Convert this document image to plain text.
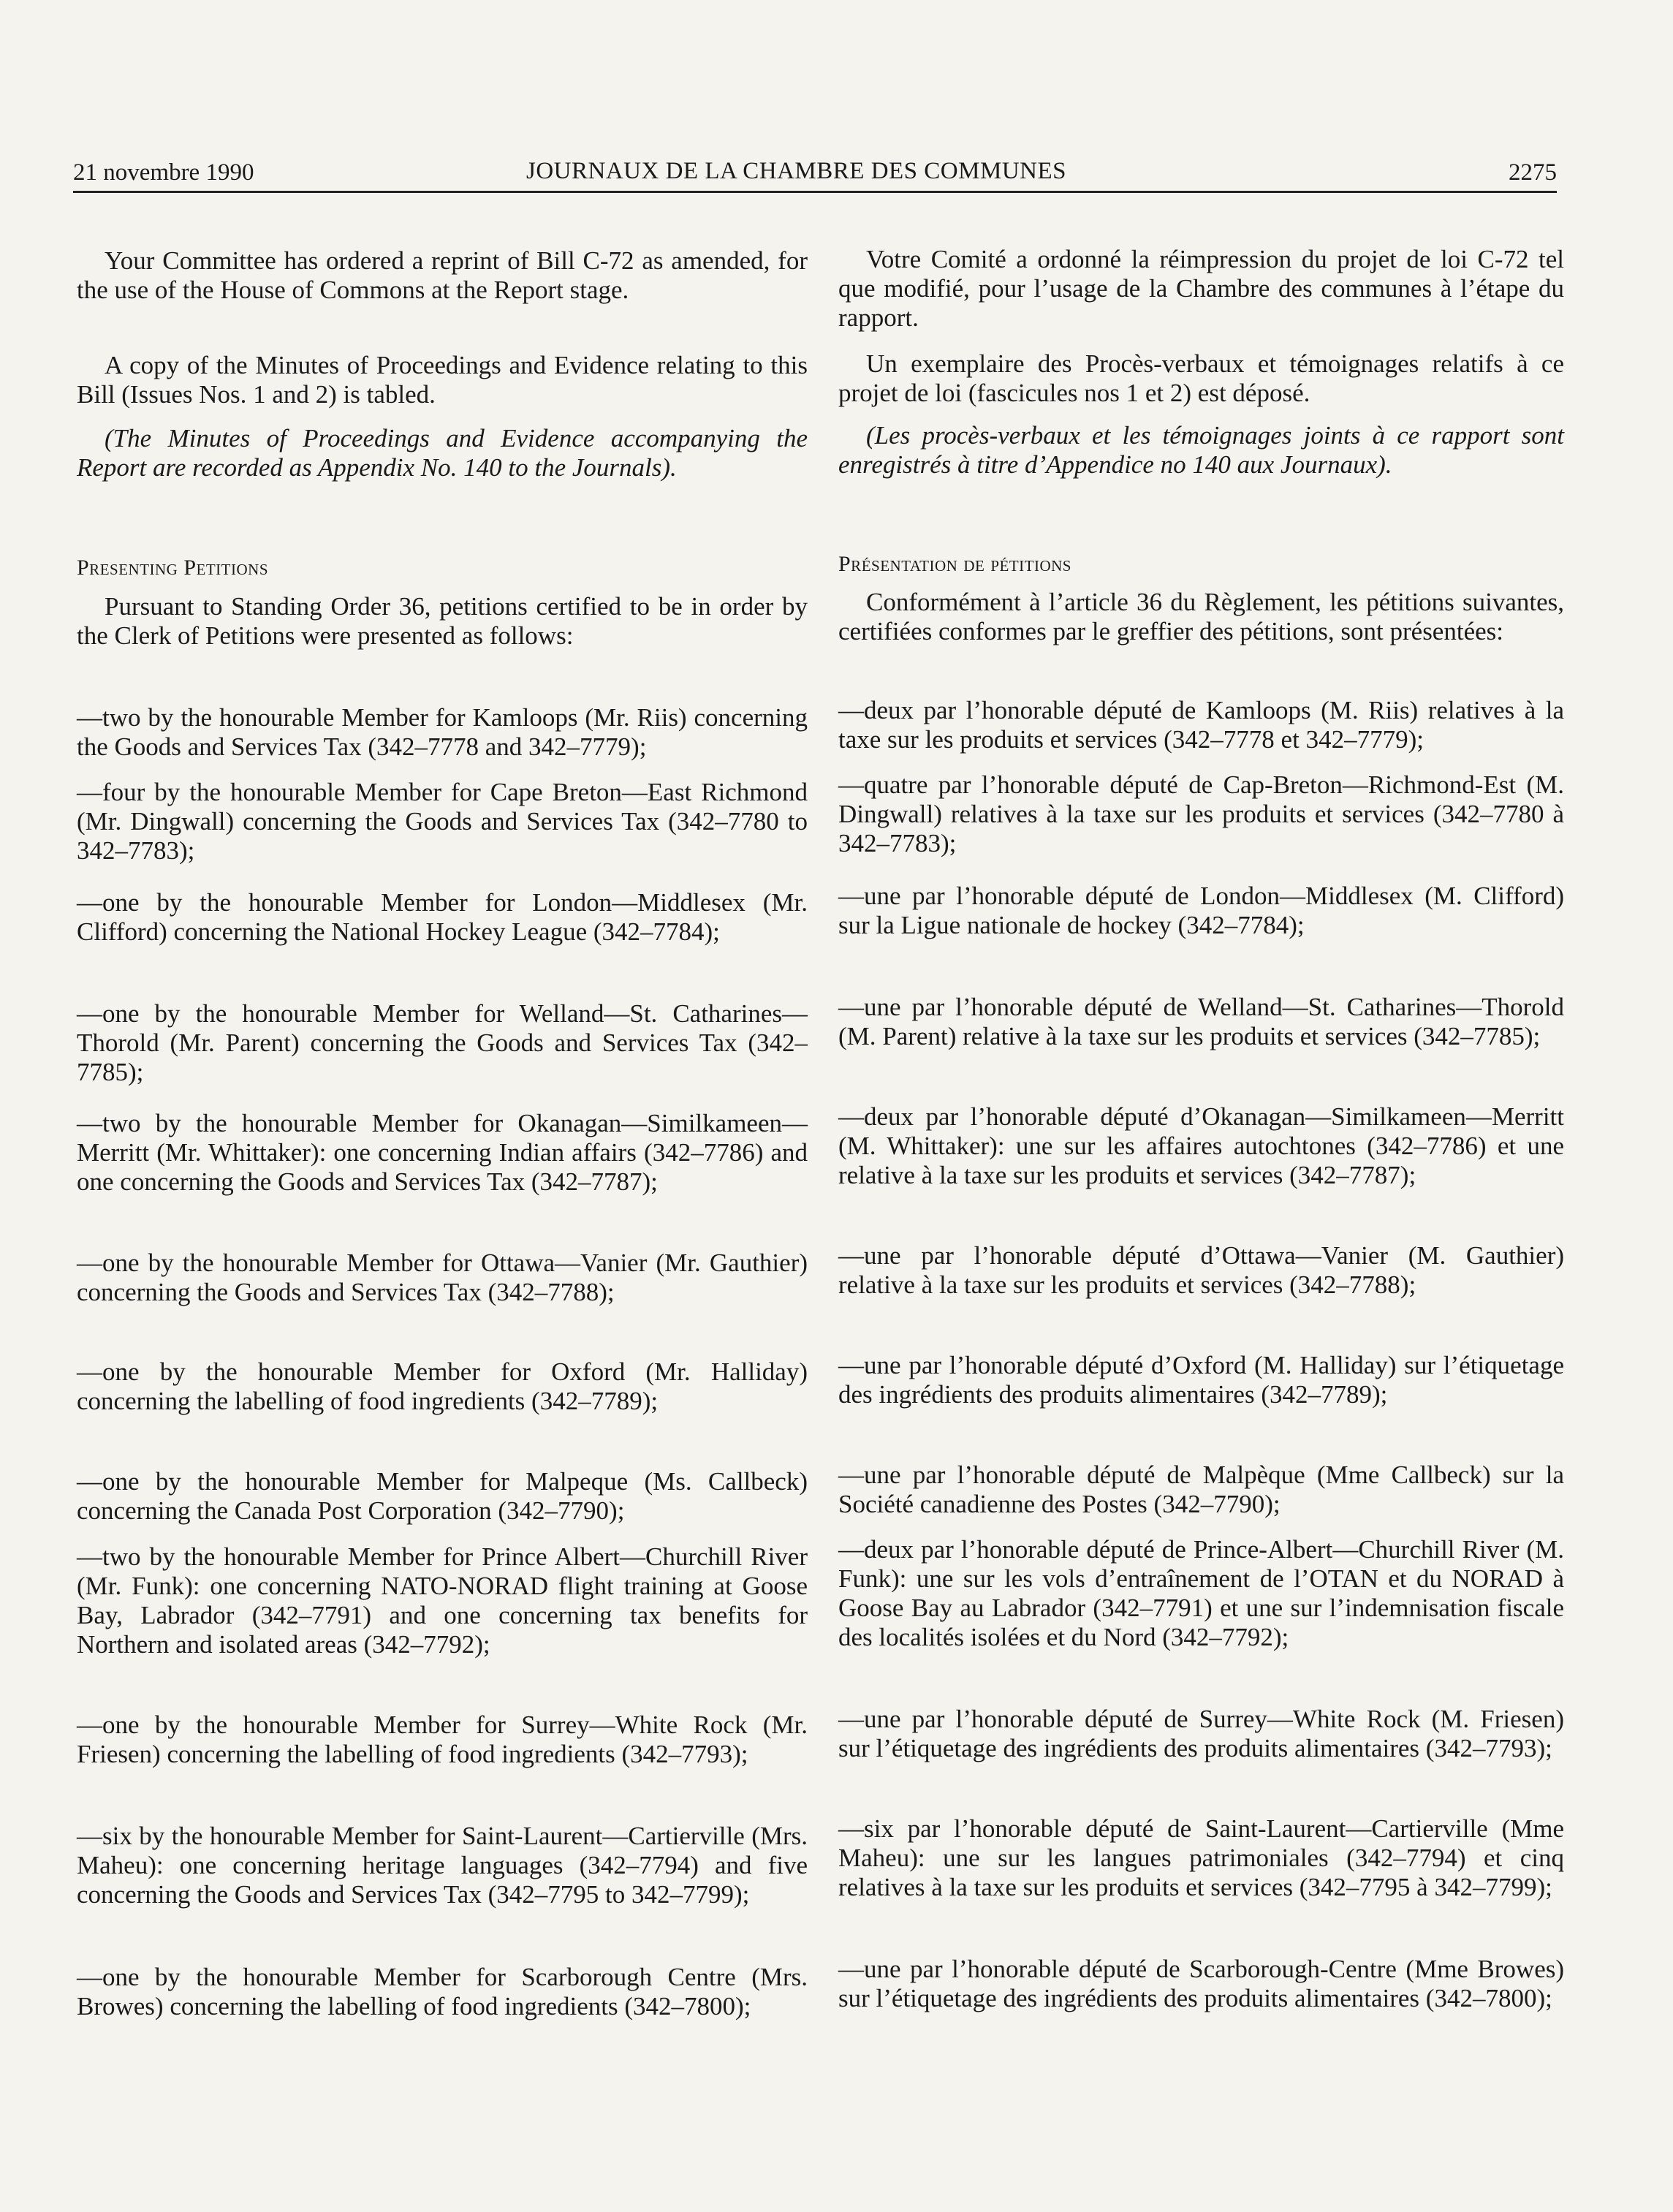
21 novembre 1990	JOURNAUX DE LA CHAMBRE DES COMMUNES	2275

Your Committee has ordered a reprint of Bill C-72 as amended, for the use of the House of Commons at the Report stage.

A copy of the Minutes of Proceedings and Evidence relating to this Bill (Issues Nos. 1 and 2) is tabled.

(The Minutes of Proceedings and Evidence accompanying the Report are recorded as Appendix No. 140 to the Journals).

Presenting Petitions

Pursuant to Standing Order 36, petitions certified to be in order by the Clerk of Petitions were presented as follows:

—two by the honourable Member for Kamloops (Mr. Riis) concerning the Goods and Services Tax (342–7778 and 342–7779);

—four by the honourable Member for Cape Breton—East Richmond (Mr. Dingwall) concerning the Goods and Services Tax (342–7780 to 342–7783);

—one by the honourable Member for London—Middlesex (Mr. Clifford) concerning the National Hockey League (342–7784);

—one by the honourable Member for Welland—St. Catharines—Thorold (Mr. Parent) concerning the Goods and Services Tax (342–7785);

—two by the honourable Member for Okanagan—Similkameen—Merritt (Mr. Whittaker): one concerning Indian affairs (342–7786) and one concerning the Goods and Services Tax (342–7787);

—one by the honourable Member for Ottawa—Vanier (Mr. Gauthier) concerning the Goods and Services Tax (342–7788);

—one by the honourable Member for Oxford (Mr. Halliday) concerning the labelling of food ingredients (342–7789);

—one by the honourable Member for Malpeque (Ms. Callbeck) concerning the Canada Post Corporation (342–7790);

—two by the honourable Member for Prince Albert—Churchill River (Mr. Funk): one concerning NATO-NORAD flight training at Goose Bay, Labrador (342–7791) and one concerning tax benefits for Northern and isolated areas (342–7792);

—one by the honourable Member for Surrey—White Rock (Mr. Friesen) concerning the labelling of food ingredients (342–7793);

—six by the honourable Member for Saint-Laurent—Cartierville (Mrs. Maheu): one concerning heritage languages (342–7794) and five concerning the Goods and Services Tax (342–7795 to 342–7799);

—one by the honourable Member for Scarborough Centre (Mrs. Browes) concerning the labelling of food ingredients (342–7800);

Votre Comité a ordonné la réimpression du projet de loi C-72 tel que modifié, pour l’usage de la Chambre des communes à l’étape du rapport.

Un exemplaire des Procès-verbaux et témoignages relatifs à ce projet de loi (fascicules nos 1 et 2) est déposé.

(Les procès-verbaux et les témoignages joints à ce rapport sont enregistrés à titre d’Appendice no 140 aux Journaux).

Présentation de pétitions

Conformément à l’article 36 du Règlement, les pétitions suivantes, certifiées conformes par le greffier des pétitions, sont présentées:

—deux par l’honorable député de Kamloops (M. Riis) relatives à la taxe sur les produits et services (342–7778 et 342–7779);

—quatre par l’honorable député de Cap-Breton—Richmond-Est (M. Dingwall) relatives à la taxe sur les produits et services (342–7780 à 342–7783);

—une par l’honorable député de London—Middlesex (M. Clifford) sur la Ligue nationale de hockey (342–7784);

—une par l’honorable député de Welland—St. Catharines—Thorold (M. Parent) relative à la taxe sur les produits et services (342–7785);

—deux par l’honorable député d’Okanagan—Similkameen—Merritt (M. Whittaker): une sur les affaires autochtones (342–7786) et une relative à la taxe sur les produits et services (342–7787);

—une par l’honorable député d’Ottawa—Vanier (M. Gauthier) relative à la taxe sur les produits et services (342–7788);

—une par l’honorable député d’Oxford (M. Halliday) sur l’étiquetage des ingrédients des produits alimentaires (342–7789);

—une par l’honorable député de Malpèque (Mme Callbeck) sur la Société canadienne des Postes (342–7790);

—deux par l’honorable député de Prince-Albert—Churchill River (M. Funk): une sur les vols d’entraînement de l’OTAN et du NORAD à Goose Bay au Labrador (342–7791) et une sur l’indemnisation fiscale des localités isolées et du Nord (342–7792);

—une par l’honorable député de Surrey—White Rock (M. Friesen) sur l’étiquetage des ingrédients des produits alimentaires (342–7793);

—six par l’honorable député de Saint-Laurent—Cartierville (Mme Maheu): une sur les langues patrimoniales (342–7794) et cinq relatives à la taxe sur les produits et services (342–7795 à 342–7799);

—une par l’honorable député de Scarborough-Centre (Mme Browes) sur l’étiquetage des ingrédients des produits alimentaires (342–7800);
